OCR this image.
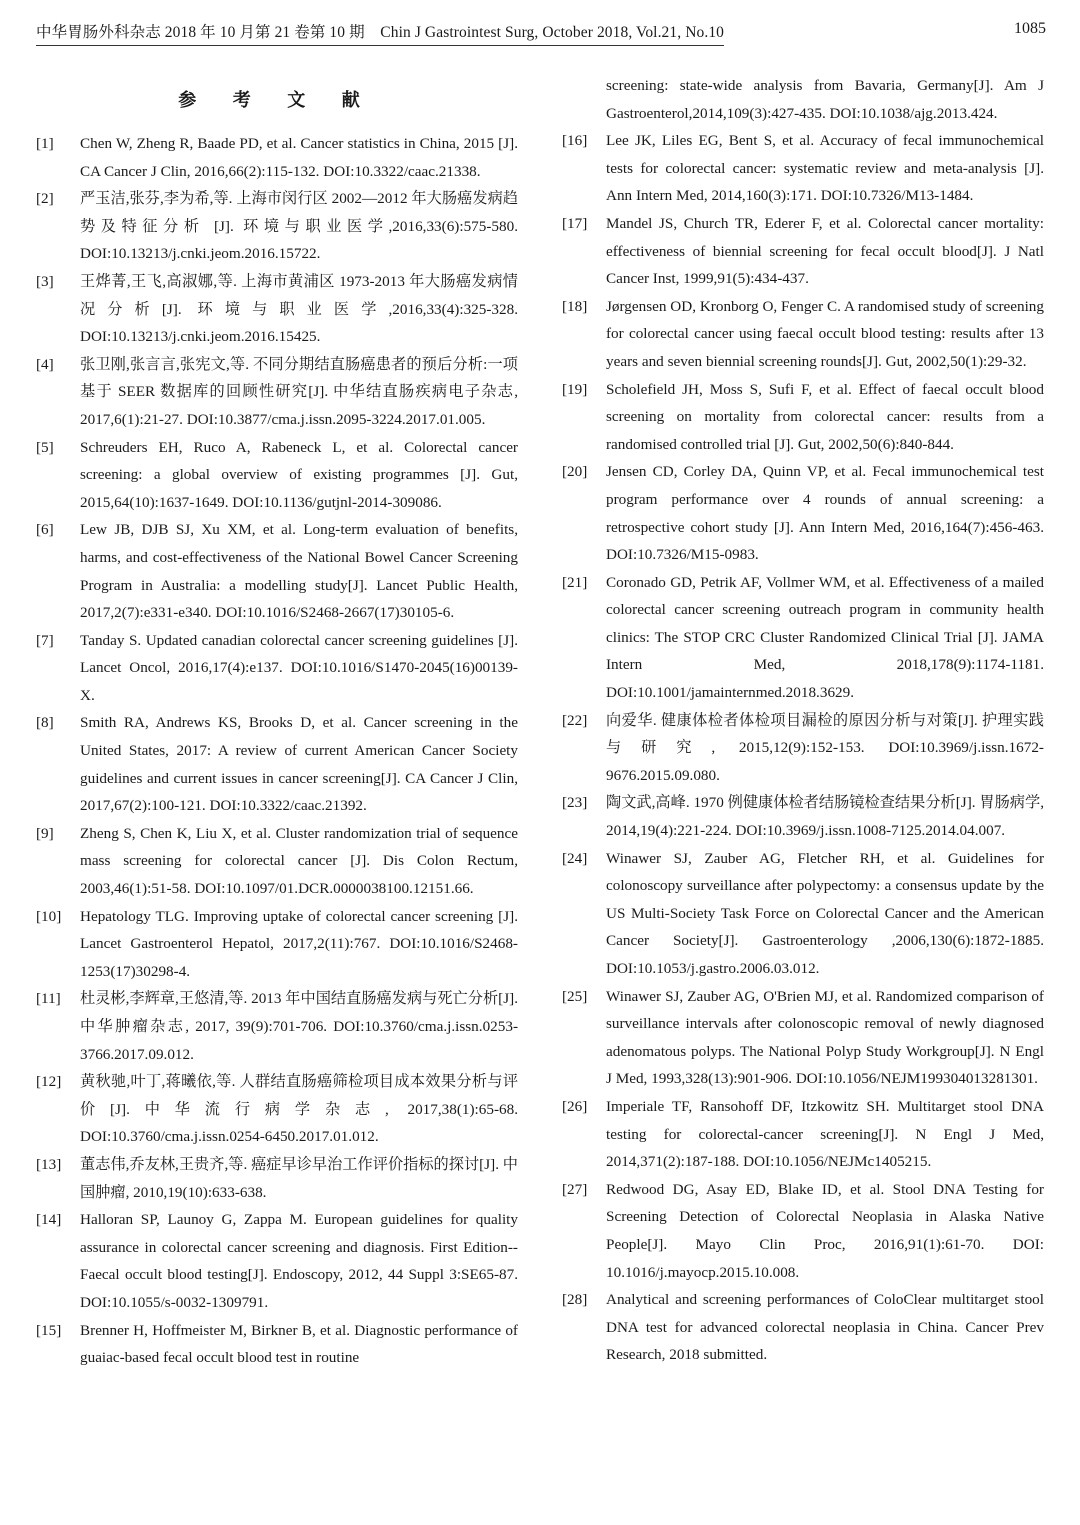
中华胃肠外科杂志 2018 年 10 月第 21 卷第 10 期　Chin J Gastrointest Surg, October 2018, Vol.21, No.10	1085
参 考 文 献
[1]	Chen W, Zheng R, Baade PD, et al. Cancer statistics in China, 2015 [J]. CA Cancer J Clin, 2016,66(2):115-132. DOI:10.3322/caac.21338.
[2]	严玉洁,张芬,李为希,等. 上海市闵行区 2002—2012 年大肠癌发病趋势及特征分析 [J]. 环境与职业医学,2016,33(6):575-580. DOI:10.13213/j.cnki.jeom.2016.15722.
[3]	王烨菁,王飞,高淑娜,等. 上海市黄浦区 1973-2013 年大肠癌发病情况分析[J]. 环境与职业医学,2016,33(4):325-328. DOI:10.13213/j.cnki.jeom.2016.15425.
[4]	张卫刚,张言言,张宪文,等. 不同分期结直肠癌患者的预后分析:一项基于 SEER 数据库的回顾性研究[J]. 中华结直肠疾病电子杂志, 2017,6(1):21-27. DOI:10.3877/cma.j.issn.2095-3224.2017.01.005.
[5]	Schreuders EH, Ruco A, Rabeneck L, et al. Colorectal cancer screening: a global overview of existing programmes [J]. Gut, 2015,64(10):1637-1649. DOI:10.1136/gutjnl-2014-309086.
[6]	Lew JB, DJB SJ, Xu XM, et al. Long-term evaluation of benefits, harms, and cost-effectiveness of the National Bowel Cancer Screening Program in Australia: a modelling study[J]. Lancet Public Health, 2017,2(7):e331-e340. DOI:10.1016/S2468-2667(17)30105-6.
[7]	Tanday S. Updated canadian colorectal cancer screening guidelines [J]. Lancet Oncol, 2016,17(4):e137. DOI:10.1016/S1470-2045(16)00139-X.
[8]	Smith RA, Andrews KS, Brooks D, et al. Cancer screening in the United States, 2017: A review of current American Cancer Society guidelines and current issues in cancer screening[J]. CA Cancer J Clin, 2017,67(2):100-121. DOI:10.3322/caac.21392.
[9]	Zheng S, Chen K, Liu X, et al. Cluster randomization trial of sequence mass screening for colorectal cancer [J]. Dis Colon Rectum, 2003,46(1):51-58. DOI:10.1097/01.DCR.0000038100.12151.66.
[10]	Hepatology TLG. Improving uptake of colorectal cancer screening [J]. Lancet Gastroenterol Hepatol, 2017,2(11):767. DOI:10.1016/S2468-1253(17)30298-4.
[11]	杜灵彬,李辉章,王悠清,等. 2013 年中国结直肠癌发病与死亡分析[J].中华肿瘤杂志, 2017, 39(9):701-706. DOI:10.3760/cma.j.issn.0253-3766.2017.09.012.
[12]	黄秋驰,叶丁,蒋曦依,等. 人群结直肠癌筛检项目成本效果分析与评价[J].中华流行病学杂志, 2017,38(1):65-68. DOI:10.3760/cma.j.issn.0254-6450.2017.01.012.
[13]	董志伟,乔友林,王贵齐,等. 癌症早诊早治工作评价指标的探讨[J]. 中国肿瘤, 2010,19(10):633-638.
[14]	Halloran SP, Launoy G, Zappa M. European guidelines for quality assurance in colorectal cancer screening and diagnosis. First Edition--Faecal occult blood testing[J]. Endoscopy, 2012, 44 Suppl 3:SE65-87. DOI:10.1055/s-0032-1309791.
[15]	Brenner H, Hoffmeister M, Birkner B, et al. Diagnostic performance of guaiac-based fecal occult blood test in routine
screening: state-wide analysis from Bavaria, Germany[J]. Am J Gastroenterol,2014,109(3):427-435. DOI:10.1038/ajg.2013.424.
[16]	Lee JK, Liles EG, Bent S, et al. Accuracy of fecal immunochemical tests for colorectal cancer: systematic review and meta-analysis [J]. Ann Intern Med, 2014,160(3):171. DOI:10.7326/M13-1484.
[17]	Mandel JS, Church TR, Ederer F, et al. Colorectal cancer mortality: effectiveness of biennial screening for fecal occult blood[J]. J Natl Cancer Inst, 1999,91(5):434-437.
[18]	Jørgensen OD, Kronborg O, Fenger C. A randomised study of screening for colorectal cancer using faecal occult blood testing: results after 13 years and seven biennial screening rounds[J]. Gut, 2002,50(1):29-32.
[19]	Scholefield JH, Moss S, Sufi F, et al. Effect of faecal occult blood screening on mortality from colorectal cancer: results from a randomised controlled trial [J]. Gut, 2002,50(6):840-844.
[20]	Jensen CD, Corley DA, Quinn VP, et al. Fecal immunochemical test program performance over 4 rounds of annual screening: a retrospective cohort study [J]. Ann Intern Med, 2016,164(7):456-463. DOI:10.7326/M15-0983.
[21]	Coronado GD, Petrik AF, Vollmer WM, et al. Effectiveness of a mailed colorectal cancer screening outreach program in community health clinics: The STOP CRC Cluster Randomized Clinical Trial [J]. JAMA Intern Med, 2018,178(9):1174-1181. DOI:10.1001/jamainternmed.2018.3629.
[22]	向爱华. 健康体检者体检项目漏检的原因分析与对策[J]. 护理实践与研究, 2015,12(9):152-153. DOI:10.3969/j.issn.1672-9676.2015.09.080.
[23]	陶文武,高峰. 1970 例健康体检者结肠镜检查结果分析[J]. 胃肠病学, 2014,19(4):221-224. DOI:10.3969/j.issn.1008-7125.2014.04.007.
[24]	Winawer SJ, Zauber AG, Fletcher RH, et al. Guidelines for colonoscopy surveillance after polypectomy: a consensus update by the US Multi-Society Task Force on Colorectal Cancer and the American Cancer Society[J]. Gastroenterology ,2006,130(6):1872-1885. DOI:10.1053/j.gastro.2006.03.012.
[25]	Winawer SJ, Zauber AG, O'Brien MJ, et al. Randomized comparison of surveillance intervals after colonoscopic removal of newly diagnosed adenomatous polyps. The National Polyp Study Workgroup[J]. N Engl J Med, 1993,328(13):901-906. DOI:10.1056/NEJM199304013281301.
[26]	Imperiale TF, Ransohoff DF, Itzkowitz SH. Multitarget stool DNA testing for colorectal-cancer screening[J]. N Engl J Med, 2014,371(2):187-188. DOI:10.1056/NEJMc1405215.
[27]	Redwood DG, Asay ED, Blake ID, et al. Stool DNA Testing for Screening Detection of Colorectal Neoplasia in Alaska Native People[J]. Mayo Clin Proc, 2016,91(1):61-70. DOI: 10.1016/j.mayocp.2015.10.008.
[28]	Analytical and screening performances of ColoClear multitarget stool DNA test for advanced colorectal neoplasia in China. Cancer Prev Research, 2018 submitted.
